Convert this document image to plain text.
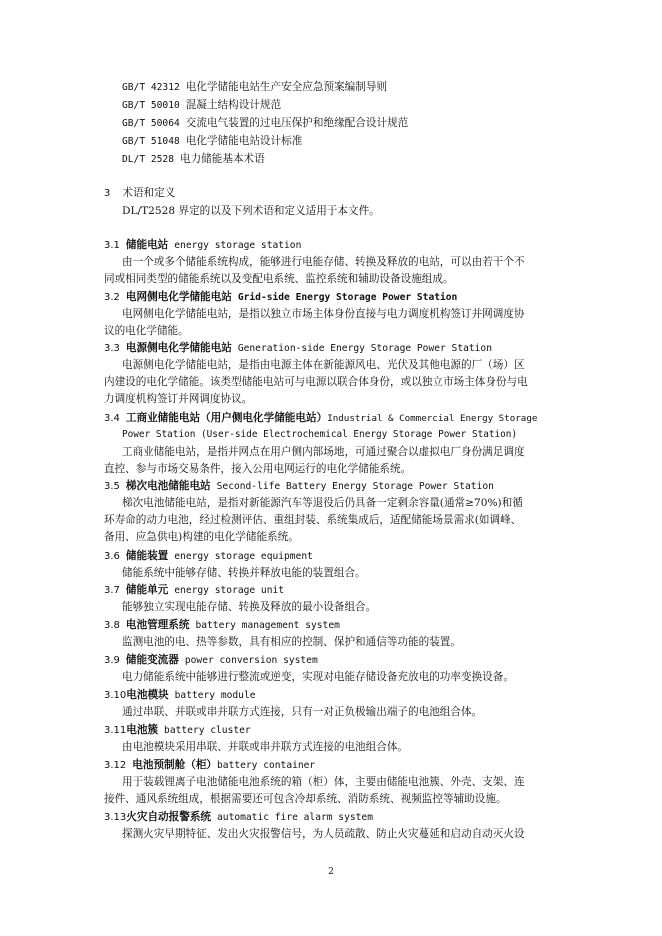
GB/T 42312 电化学储能电站生产安全应急预案编制导则
GB/T 50010 混凝土结构设计规范
GB/T 50064 交流电气装置的过电压保护和绝缘配合设计规范
GB/T 51048 电化学储能电站设计标准
DL/T 2528 电力储能基本术语
3 术语和定义
DL/T2528 界定的以及下列术语和定义适用于本文件。
3.1 储能电站 energy storage station
由一个或多个储能系统构成，能够进行电能存储、转换及释放的电站，可以由若干个不
同或相同类型的储能系统以及变配电系统、监控系统和辅助设备设施组成。
3.2 电网侧电化学储能电站 Grid-side Energy Storage Power Station
电网侧电化学储能电站，是指以独立市场主体身份直接与电力调度机构签订并网调度协
议的电化学储能。
3.3 电源侧电化学储能电站 Generation-side Energy Storage Power Station
电源侧电化学储能电站，是指由电源主体在新能源风电、光伏及其他电源的厂（场）区
内建设的电化学储能。该类型储能电站可与电源以联合体身份，或以独立市场主体身份与电
力调度机构签订并网调度协议。
3.4 工商业储能电站（用户侧电化学储能电站）Industrial & Commercial Energy Storage
Power Station (User-side Electrochemical Energy Storage Power Station)
工商业储能电站，是指并网点在用户侧内部场地，可通过聚合以虚拟电厂身份满足调度
直控、参与市场交易条件，接入公用电网运行的电化学储能系统。
3.5 梯次电池储能电站 Second-life Battery Energy Storage Power Station
梯次电池储能电站，是指对新能源汽车等退役后仍具备一定剩余容量(通常≥70%)和循
环寿命的动力电池，经过检测评估、重组封装、系统集成后，适配储能场景需求(如调峰、
备用、应急供电)构建的电化学储能系统。
3.6 储能装置 energy storage equipment
储能系统中能够存储、转换并释放电能的装置组合。
3.7 储能单元 energy storage unit
能够独立实现电能存储、转换及释放的最小设备组合。
3.8 电池管理系统 battery management system
监测电池的电、热等参数，具有相应的控制、保护和通信等功能的装置。
3.9 储能变流器 power conversion system
电力储能系统中能够进行整流或逆变，实现对电能存储设备充放电的功率变换设备。
3.10电池模块 battery module
通过串联、并联或串并联方式连接，只有一对正负极输出端子的电池组合体。
3.11电池簇 battery cluster
由电池模块采用串联、并联或串并联方式连接的电池组合体。
3.12 电池预制舱（柜）battery container
用于装载锂离子电池储能电池系统的箱（柜）体，主要由储能电池簇、外壳、支架、连
接件、通风系统组成，根据需要还可包含冷却系统、消防系统、视频监控等辅助设施。
3.13火灾自动报警系统 automatic fire alarm system
探测火灾早期特征、发出火灾报警信号，为人员疏散、防止火灾蔓延和启动自动灭火设
2
